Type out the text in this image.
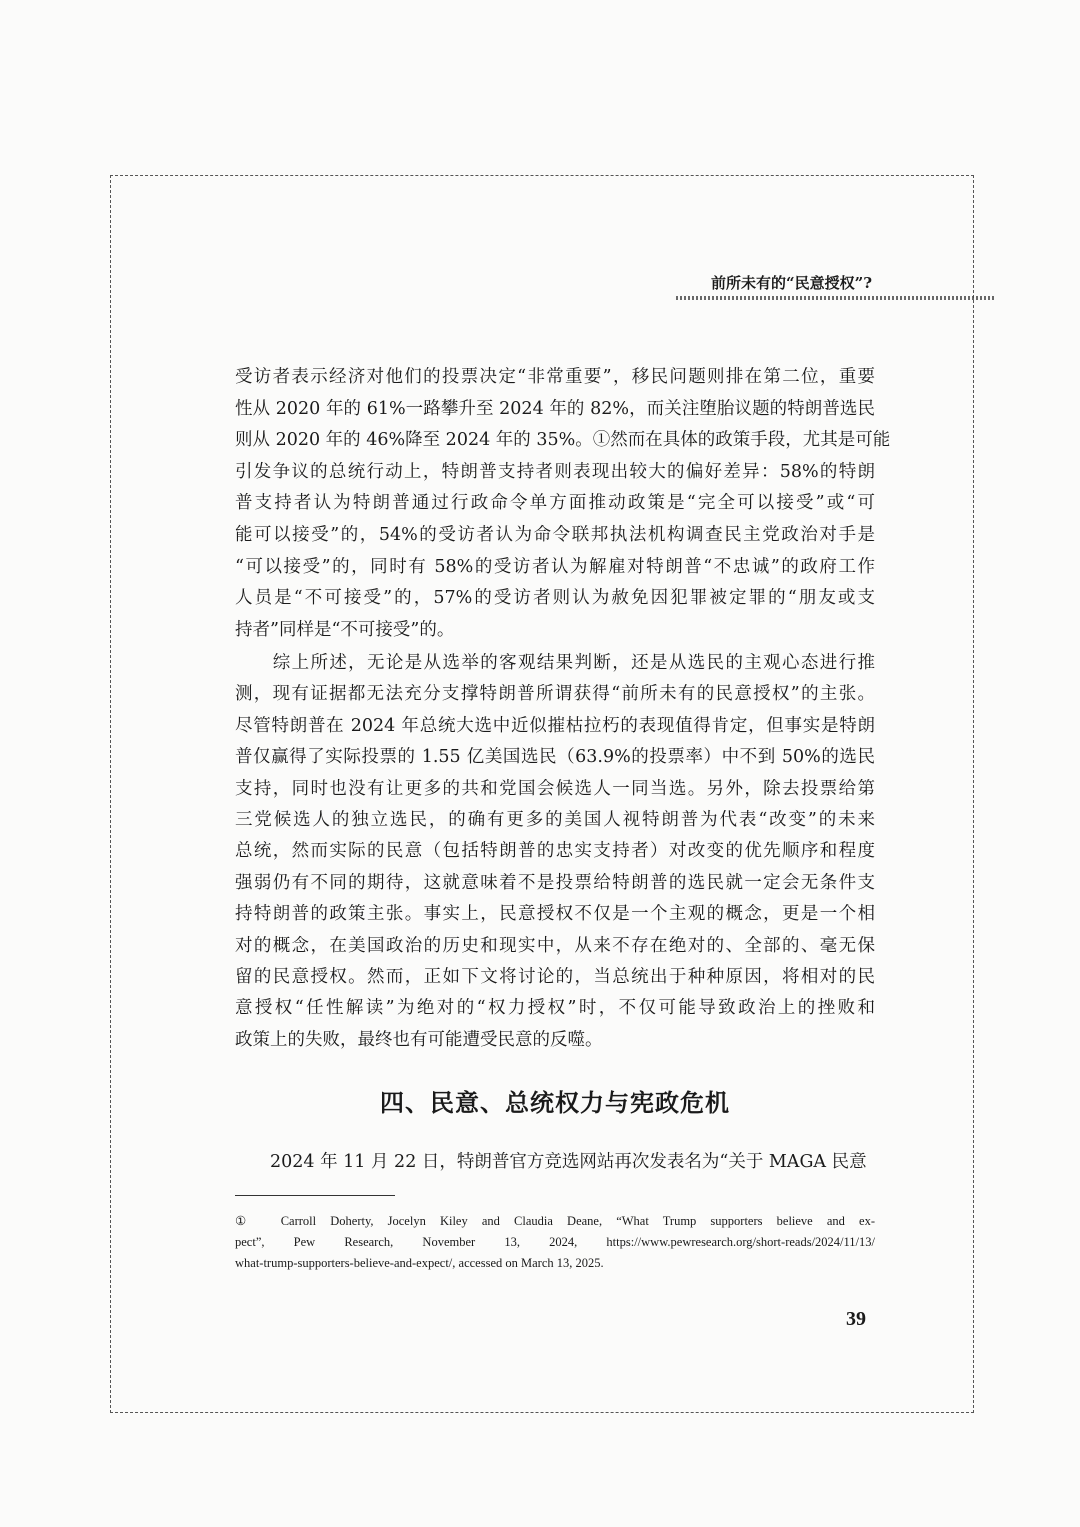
前所未有的“民意授权”?
受访者表示经济对他们的投票决定“非常重要”，移民问题则排在第二位，重要
性从 2020 年的 61%一路攀升至 2024 年的 82%，而关注堕胎议题的特朗普选民
则从 2020 年的 46%降至 2024 年的 35%。①然而在具体的政策手段，尤其是可能
引发争议的总统行动上，特朗普支持者则表现出较大的偏好差异：58%的特朗
普支持者认为特朗普通过行政命令单方面推动政策是“完全可以接受”或“可
能可以接受”的，54%的受访者认为命令联邦执法机构调查民主党政治对手是
“可以接受”的，同时有 58%的受访者认为解雇对特朗普“不忠诚”的政府工作
人员是“不可接受”的，57%的受访者则认为赦免因犯罪被定罪的“朋友或支
持者”同样是“不可接受”的。
　　综上所述，无论是从选举的客观结果判断，还是从选民的主观心态进行推
测，现有证据都无法充分支撑特朗普所谓获得“前所未有的民意授权”的主张。
尽管特朗普在 2024 年总统大选中近似摧枯拉朽的表现值得肯定，但事实是特朗
普仅赢得了实际投票的 1.55 亿美国选民（63.9%的投票率）中不到 50%的选民
支持，同时也没有让更多的共和党国会候选人一同当选。另外，除去投票给第
三党候选人的独立选民，的确有更多的美国人视特朗普为代表“改变”的未来
总统，然而实际的民意（包括特朗普的忠实支持者）对改变的优先顺序和程度
强弱仍有不同的期待，这就意味着不是投票给特朗普的选民就一定会无条件支
持特朗普的政策主张。事实上，民意授权不仅是一个主观的概念，更是一个相
对的概念，在美国政治的历史和现实中，从来不存在绝对的、全部的、毫无保
留的民意授权。然而，正如下文将讨论的，当总统出于种种原因，将相对的民
意授权“任性解读”为绝对的“权力授权”时，不仅可能导致政治上的挫败和
政策上的失败，最终也有可能遭受民意的反噬。
四、民意、总统权力与宪政危机
2024 年 11 月 22 日，特朗普官方竞选网站再次发表名为“关于 MAGA 民意
①　Carroll Doherty, Jocelyn Kiley and Claudia Deane, “What Trump supporters believe and ex-
pect”, Pew Research, November 13, 2024, https://www.pewresearch.org/short-reads/2024/11/13/
what-trump-supporters-believe-and-expect/, accessed on March 13, 2025.
39
